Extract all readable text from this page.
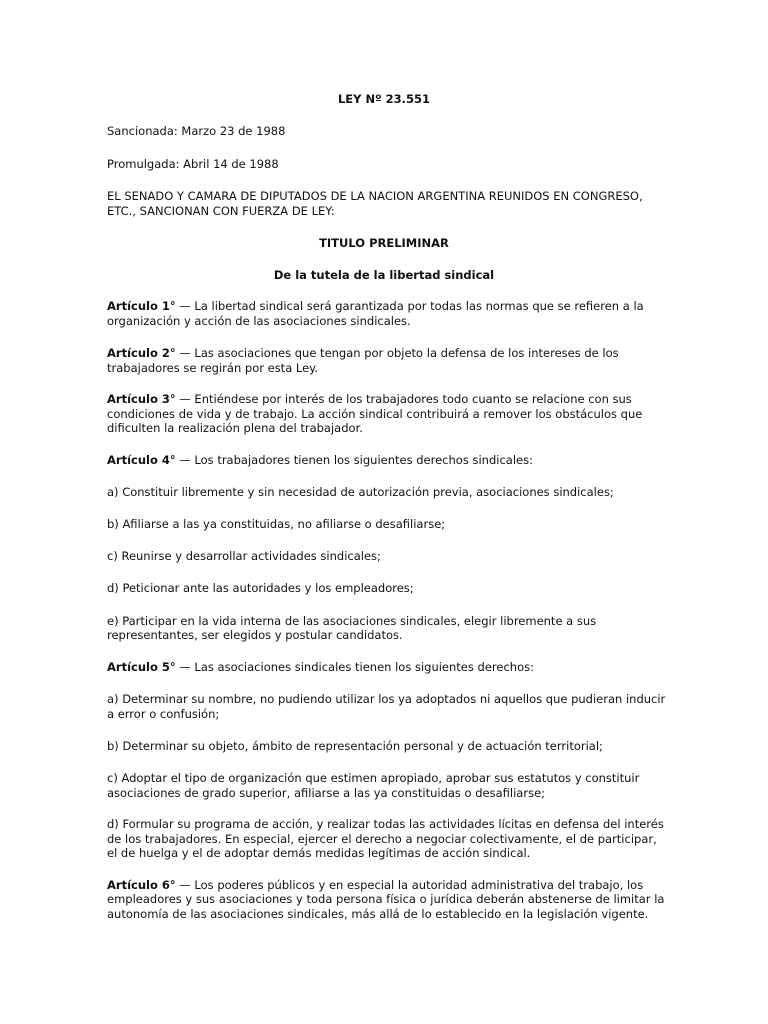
LEY Nº 23.551
Sancionada: Marzo 23 de 1988
Promulgada: Abril 14 de 1988
EL SENADO Y CAMARA DE DIPUTADOS DE LA NACION ARGENTINA REUNIDOS EN CONGRESO,
ETC., SANCIONAN CON FUERZA DE LEY:
TITULO PRELIMINAR
De la tutela de la libertad sindical
Artículo 1° — La libertad sindical será garantizada por todas las normas que se refieren a la
organización y acción de las asociaciones sindicales.
Artículo 2° — Las asociaciones que tengan por objeto la defensa de los intereses de los
trabajadores se regirán por esta Ley.
Artículo 3° — Entiéndese por interés de los trabajadores todo cuanto se relacione con sus
condiciones de vida y de trabajo. La acción sindical contribuirá a remover los obstáculos que
dificulten la realización plena del trabajador.
Artículo 4° — Los trabajadores tienen los siguientes derechos sindicales:
a) Constituir libremente y sin necesidad de autorización previa, asociaciones sindicales;
b) Afiliarse a las ya constituidas, no afiliarse o desafiliarse;
c) Reunirse y desarrollar actividades sindicales;
d) Peticionar ante las autoridades y los empleadores;
e) Participar en la vida interna de las asociaciones sindicales, elegir libremente a sus
representantes, ser elegidos y postular candidatos.
Artículo 5° — Las asociaciones sindicales tienen los siguientes derechos:
a) Determinar su nombre, no pudiendo utilizar los ya adoptados ni aquellos que pudieran inducir
a error o confusión;
b) Determinar su objeto, ámbito de representación personal y de actuación territorial;
c) Adoptar el tipo de organización que estimen apropiado, aprobar sus estatutos y constituir
asociaciones de grado superior, afiliarse a las ya constituidas o desafiliarse;
d) Formular su programa de acción, y realizar todas las actividades lícitas en defensa del interés
de los trabajadores. En especial, ejercer el derecho a negociar colectivamente, el de participar,
el de huelga y el de adoptar demás medidas legítimas de acción sindical.
Artículo 6° — Los poderes públicos y en especial la autoridad administrativa del trabajo, los
empleadores y sus asociaciones y toda persona física o jurídica deberán abstenerse de limitar la
autonomía de las asociaciones sindicales, más allá de lo establecido en la legislación vigente.
